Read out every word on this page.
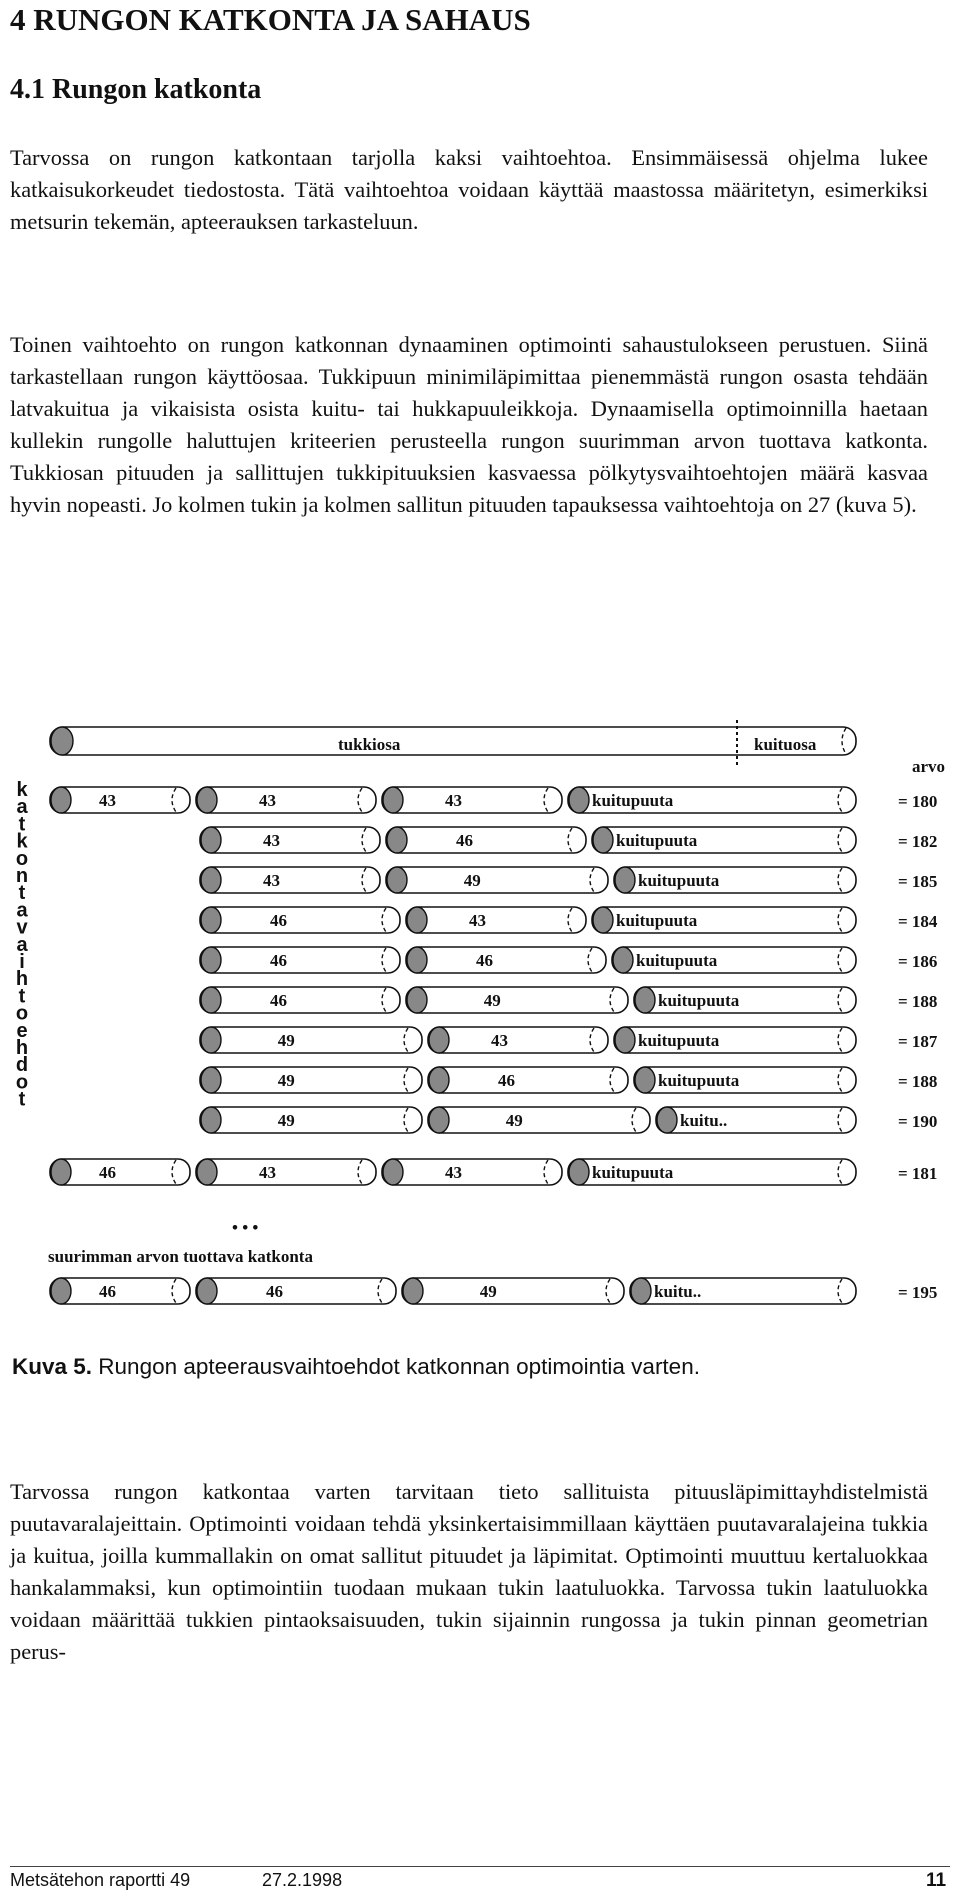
4 RUNGON KATKONTA JA SAHAUS
4.1 Rungon katkonta

Tarvossa on rungon katkontaan tarjolla kaksi vaihtoehtoa. Ensimmäisessä ohjelma lukee katkaisukorkeudet tiedostosta. Tätä vaihtoehtoa voidaan käyttää maastossa määritetyn, esimerkiksi metsurin tekemän, apteerauksen tarkasteluun.

Toinen vaihtoehto on rungon katkonnan dynaaminen optimointi sahaustulokseen perustuen. Siinä tarkastellaan rungon käyttöosaa. Tukkipuun minimiläpimittaa pienemmästä rungon osasta tehdään latvakuitua ja vikaisista osista kuitu- tai hukkapuuleikkoja. Dynaamisella optimoinnilla haetaan kullekin rungolle haluttujen kriteerien perusteella rungon suurimman arvon tuottava katkonta. Tukkiosan pituuden ja sallittujen tukkipituuksien kasvaessa pölkytysvaihtoehtojen määrä kasvaa hyvin nopeasti. Jo kolmen tukin ja kolmen sallitun pituuden tapauksessa vaihtoehtoja on 27 (kuva 5).

tukkiosa	kuituosa
arvo
k
a
t
k
o
n
t
a
v
a
i
h
t
o
e
h
d
o
t
43	43	43	kuitupuuta	= 180
43	46	kuitupuuta	= 182
43	49	kuitupuuta	= 185
46	43	kuitupuuta	= 184
46	46	kuitupuuta	= 186
46	49	kuitupuuta	= 188
49	43	kuitupuuta	= 187
49	46	kuitupuuta	= 188
49	49	kuitu..	= 190
46	43	43	kuitupuuta	= 181
• • •
suurimman arvon tuottava katkonta
46	46	49	kuitu..	= 195

Kuva 5. Rungon apteerausvaihtoehdot katkonnan optimointia varten.

Tarvossa rungon katkontaa varten tarvitaan tieto sallituista pituusläpimittayhdistelmistä puutavaralajeittain. Optimointi voidaan tehdä yksinkertaisimmillaan käyttäen puutavaralajeina tukkia ja kuitua, joilla kummallakin on omat sallitut pituudet ja läpimitat. Optimointi muuttuu kertaluokkaa hankalammaksi, kun optimointiin tuodaan mukaan tukin laatuluokka. Tarvossa tukin laatuluokka voidaan määrittää tukkien pintaoksaisuuden, tukin sijainnin rungossa ja tukin pinnan geometrian perus-

Metsätehon raportti 49	27.2.1998	11
